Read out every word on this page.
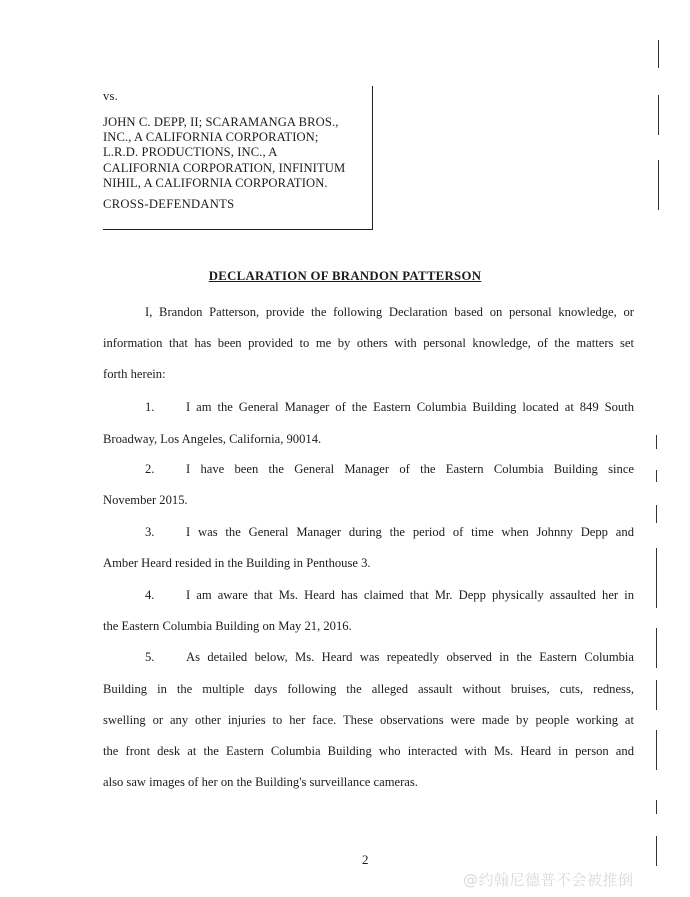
vs.
JOHN C. DEPP, II; SCARAMANGA BROS.,
INC., A CALIFORNIA CORPORATION;
L.R.D. PRODUCTIONS, INC., A
CALIFORNIA CORPORATION, INFINITUM
NIHIL, A CALIFORNIA CORPORATION.
CROSS-DEFENDANTS
DECLARATION OF BRANDON PATTERSON
I, Brandon Patterson, provide the following Declaration based on personal knowledge, or
information that has been provided to me by others with personal knowledge, of the matters set
forth herein:
1.	I am the General Manager of the Eastern Columbia Building located at 849 South
Broadway, Los Angeles, California, 90014.
2.	I have been the General Manager of the Eastern Columbia Building since
November 2015.
3.	I was the General Manager during the period of time when Johnny Depp and
Amber Heard resided in the Building in Penthouse 3.
4.	I am aware that Ms. Heard has claimed that Mr. Depp physically assaulted her in
the Eastern Columbia Building on May 21, 2016.
5.	As detailed below, Ms. Heard was repeatedly observed in the Eastern Columbia
Building in the multiple days following the alleged assault without bruises, cuts, redness,
swelling or any other injuries to her face. These observations were made by people working at
the front desk at the Eastern Columbia Building who interacted with Ms. Heard in person and
also saw images of her on the Building's surveillance cameras.
2
@约翰尼德普不会被推倒
